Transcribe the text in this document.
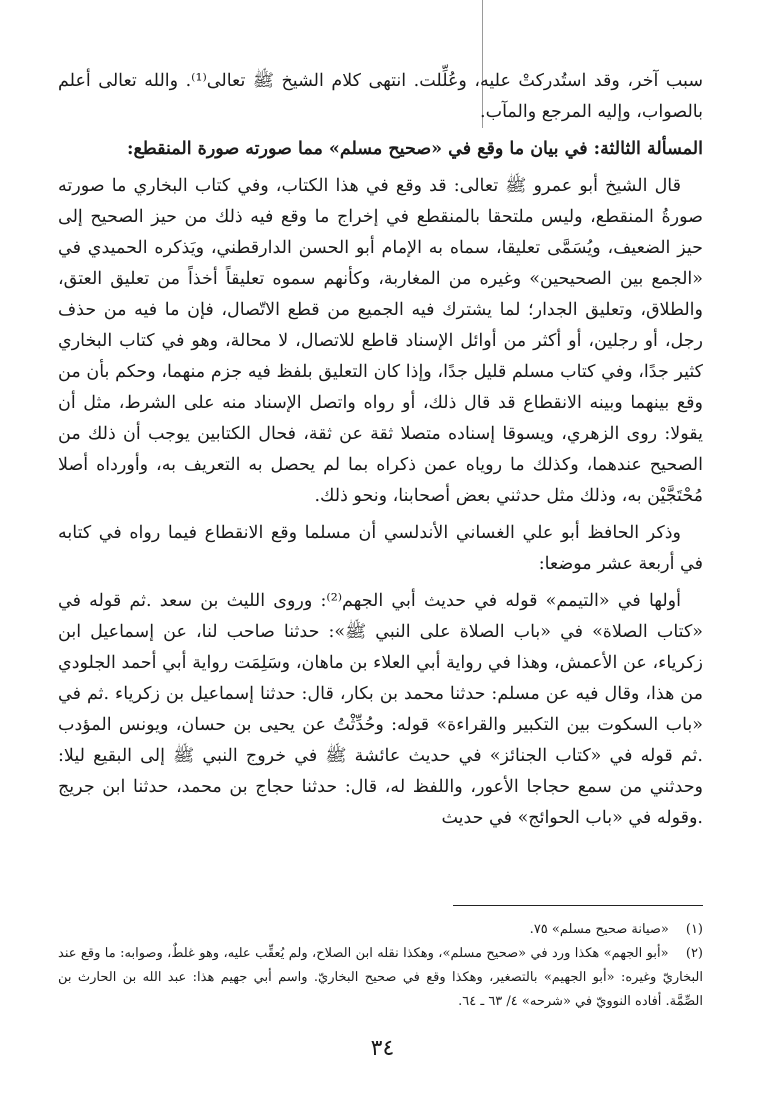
سبب آخر، وقد استُدركتْ عليه، وعُلِّلت. انتهى كلام الشيخ ﷺ تعالى⁽¹⁾. والله تعالى أعلم بالصواب، وإليه المرجع والمآب.

المسألة الثالثة: في بيان ما وقع في «صحيح مسلم» مما صورته صورة المنقطع:

قال الشيخ أبو عمرو ﷺ تعالى: قد وقع في هذا الكتاب، وفي كتاب البخاري ما صورته صورةُ المنقطع، وليس ملتحقا بالمنقطع في إخراج ما وقع فيه ذلك من حيز الصحيح إلى حيز الضعيف، ويُسَمَّى تعليقا، سماه به الإمام أبو الحسن الدارقطني، ويَذكره الحميدي في «الجمع بين الصحيحين» وغيره من المغاربة، وكأنهم سموه تعليقاً أخذاً من تعليق العتق، والطلاق، وتعليق الجدار؛ لما يشترك فيه الجميع من قطع الاتّصال، فإن ما فيه من حذف رجل، أو رجلين، أو أكثر من أوائل الإسناد قاطع للاتصال، لا محالة، وهو في كتاب البخاري كثير جدًا، وفي كتاب مسلم قليل جدًا، وإذا كان التعليق بلفظ فيه جزم منهما، وحكم بأن من وقع بينهما وبينه الانقطاع قد قال ذلك، أو رواه واتصل الإسناد منه على الشرط، مثل أن يقولا: روى الزهري، ويسوقا إسناده متصلا ثقة عن ثقة، فحال الكتابين يوجب أن ذلك من الصحيح عندهما، وكذلك ما روياه عمن ذكراه بما لم يحصل به التعريف به، وأورداه أصلا مُحْتَجَّيْن به، وذلك مثل حدثني بعض أصحابنا، ونحو ذلك.

وذكر الحافظ أبو علي الغساني الأندلسي أن مسلما وقع الانقطاع فيما رواه في كتابه في أربعة عشر موضعا:

أولها في «التيمم» قوله في حديث أبي الجهم⁽²⁾: وروى الليث بن سعد .ثم قوله في «كتاب الصلاة» في «باب الصلاة على النبي ﷺ»: حدثنا صاحب لنا، عن إسماعيل ابن زكرياء، عن الأعمش، وهذا في رواية أبي العلاء بن ماهان، وسَلِمَت رواية أبي أحمد الجلودي من هذا، وقال فيه عن مسلم: حدثنا محمد بن بكار، قال: حدثنا إسماعيل بن زكرياء .ثم في «باب السكوت بين التكبير والقراءة» قوله: وحُدِّثْتُ عن يحيى بن حسان، ويونس المؤدب .ثم قوله في «كتاب الجنائز» في حديث عائشة ﷺ في خروج النبي ﷺ إلى البقيع ليلا: وحدثني من سمع حجاجا الأعور، واللفظ له، قال: حدثنا حجاج بن محمد، حدثنا ابن جريج .وقوله في «باب الحوائج» في حديث

(١) «صيانة صحيح مسلم» ٧٥.

(٢) «أبو الجهم» هكذا ورد في «صحيح مسلم»، وهكذا نقله ابن الصلاح، ولم يُعقِّب عليه، وهو غلطٌ، وصوابه: ما وقع عند البخاريّ وغيره: «أبو الجهيم» بالتصغير، وهكذا وقع في صحيح البخاريّ. واسم أبي جهيم هذا: عبد الله بن الحارث بن الصِّمَّة. أفاده النوويّ في «شرحه» ٤/ ٦٣ ـ ٦٤.

٣٤
